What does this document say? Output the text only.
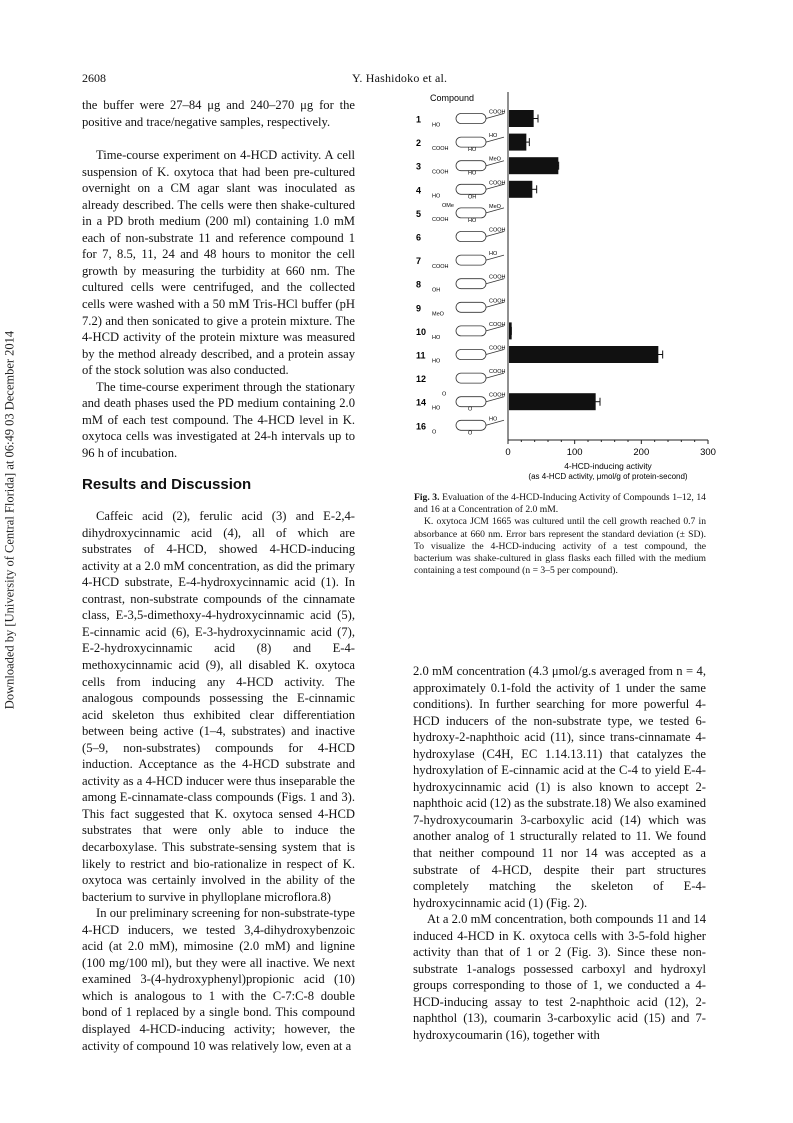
Downloaded by [University of Central Florida] at 06:49 03 December 2014
2608	Y. Hashidoko et al.

the buffer were 27–84 μg and 240–270 μg for the positive and trace/negative samples, respectively.

Time-course experiment on 4-HCD activity. A cell suspension of K. oxytoca that had been pre-cultured overnight on a CM agar slant was inoculated as already described. The cells were then shake-cultured in a PD broth medium (200 ml) containing 1.0 mM each of non-substrate 11 and reference compound 1 for 7, 8.5, 11, 24 and 48 hours to monitor the cell growth by measuring the turbidity at 660 nm. The cultured cells were centrifuged, and the collected cells were washed with a 50 mM Tris-HCl buffer (pH 7.2) and then sonicated to give a protein mixture. The 4-HCD activity of the protein mixture was measured by the method already described, and a protein assay of the stock solution was also conducted.

The time-course experiment through the stationary and death phases used the PD medium containing 2.0 mM of each test compound. The 4-HCD level in K. oxytoca cells was investigated at 24-h intervals up to 96 h of incubation.

Results and Discussion

Caffeic acid (2), ferulic acid (3) and E-2,4-dihydroxycinnamic acid (4), all of which are substrates of 4-HCD, showed 4-HCD-inducing activity at a 2.0 mM concentration, as did the primary 4-HCD substrate, E-4-hydroxycinnamic acid (1). In contrast, non-substrate compounds of the cinnamate class, E-3,5-dimethoxy-4-hydroxycinnamic acid (5), E-cinnamic acid (6), E-3-hydroxycinnamic acid (7), E-2-hydroxycinnamic acid (8) and E-4-methoxycinnamic acid (9), all disabled K. oxytoca cells from inducing any 4-HCD activity. The analogous compounds possessing the E-cinnamic acid skeleton thus exhibited clear differentiation between being active (1–4, substrates) and inactive (5–9, non-substrates) compounds for 4-HCD induction. Acceptance as the 4-HCD substrate and activity as a 4-HCD inducer were thus inseparable the among E-cinnamate-class compounds (Figs. 1 and 3). This fact suggested that K. oxytoca sensed 4-HCD substrates that were only able to induce the decarboxylase. This substrate-sensing system that is likely to restrict and bio-rationalize in respect of K. oxytoca was certainly involved in the ability of the bacterium to survive in phylloplane microflora.8)

In our preliminary screening for non-substrate-type 4-HCD inducers, we tested 3,4-dihydroxybenzoic acid (at 2.0 mM), mimosine (2.0 mM) and lignine (100 mg/100 ml), but they were all inactive. We next examined 3-(4-hydroxyphenyl)propionic acid (10) which is analogous to 1 with the C-7:C-8 double bond of 1 replaced by a single bond. This compound displayed 4-HCD-inducing activity; however, the activity of compound 10 was relatively low, even at a

Compound
0	100	200	300
4-HCD-inducing activity
(as 4-HCD activity, μmol/g of protein-second)
1
COOH
HO
2
HO
COOH	HO
3
MeO
COOH	HO
4
COOH
HO	OH
5
MeO
COOH	HO
OMe
6
COOH
7
HO
COOH
8
COOH
OH
9
COOH
MeO
10
COOH
HO
11
COOH
HO
12
COOH
14
COOH
HO	O
O
16
HO
O	O

Fig. 3. Evaluation of the 4-HCD-Inducing Activity of Compounds 1–12, 14 and 16 at a Concentration of 2.0 mM.

K. oxytoca JCM 1665 was cultured until the cell growth reached 0.7 in absorbance at 660 nm. Error bars represent the standard deviation (± SD). To visualize the 4-HCD-inducing activity of a test compound, the bacterium was shake-cultured in glass flasks each filled with the medium containing a test compound (n = 3–5 per compound).

2.0 mM concentration (4.3 μmol/g.s averaged from n = 4, approximately 0.1-fold the activity of 1 under the same conditions). In further searching for more powerful 4-HCD inducers of the non-substrate type, we tested 6-hydroxy-2-naphthoic acid (11), since trans-cinnamate 4-hydroxylase (C4H, EC 1.14.13.11) that catalyzes the hydroxylation of E-cinnamic acid at the C-4 to yield E-4-hydroxycinnamic acid (1) is also known to accept 2-naphthoic acid (12) as the substrate.18) We also examined 7-hydroxycoumarin 3-carboxylic acid (14) which was another analog of 1 structurally related to 11. We found that neither compound 11 nor 14 was accepted as a substrate of 4-HCD, despite their part structures completely matching the skeleton of E-4-hydroxycinnamic acid (1) (Fig. 2).

At a 2.0 mM concentration, both compounds 11 and 14 induced 4-HCD in K. oxytoca cells with 3-5-fold higher activity than that of 1 or 2 (Fig. 3). Since these non-substrate 1-analogs possessed carboxyl and hydroxyl groups corresponding to those of 1, we conducted a 4-HCD-inducing assay to test 2-naphthoic acid (12), 2-naphthol (13), coumarin 3-carboxylic acid (15) and 7-hydroxycoumarin (16), together with
